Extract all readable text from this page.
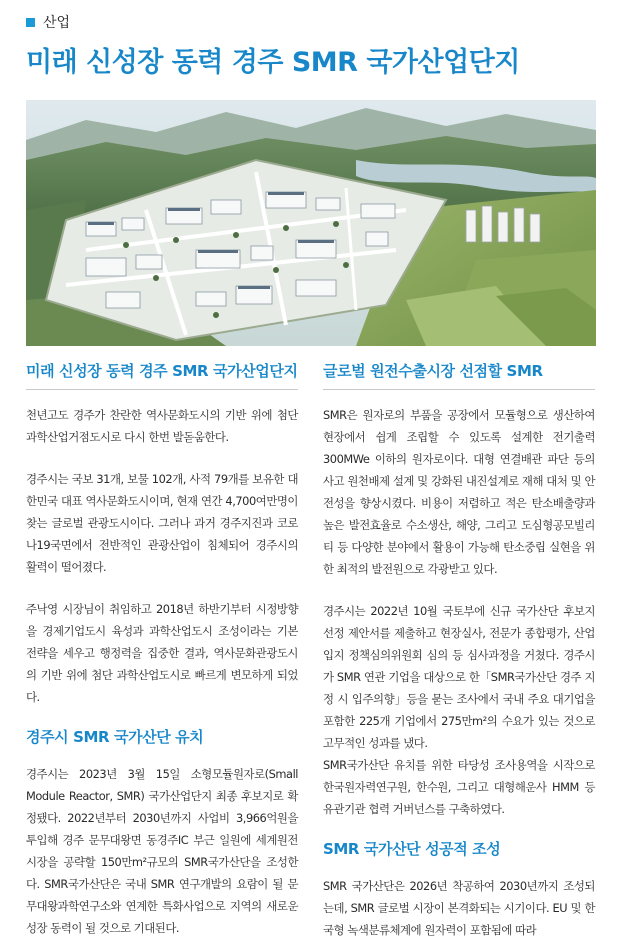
산업
미래 신성장 동력 경주 SMR 국가산업단지
미래 신성장 동력 경주 SMR 국가산업단지

천년고도 경주가 찬란한 역사문화도시의 기반 위에 첨단 과학산업거점도시로 다시 한번 발돋움한다.

경주시는 국보 31개, 보물 102개, 사적 79개를 보유한 대한민국 대표 역사문화도시이며, 현재 연간 4,700여만명이 찾는 글로벌 관광도시이다. 그러나 과거 경주지진과 코로나19국면에서 전반적인 관광산업이 침체되어 경주시의 활력이 떨어졌다.

주낙영 시장님이 취임하고 2018년 하반기부터 시정방향을 경제기업도시 육성과 과학산업도시 조성이라는 기본 전략을 세우고 행정력을 집중한 결과, 역사문화관광도시의 기반 위에 첨단 과학산업도시로 빠르게 변모하게 되었다.

경주시 SMR 국가산단 유치

경주시는 2023년 3월 15일 소형모듈원자로(Small Module Reactor, SMR) 국가산업단지 최종 후보지로 확정됐다. 2022년부터 2030년까지 사업비 3,966억원을 투입해 경주 문무대왕면 동경주IC 부근 일원에 세계원전시장을 공략할 150만m²규모의 SMR국가산단을 조성한다. SMR국가산단은 국내 SMR 연구개발의 요람이 될 문무대왕과학연구소와 연계한 특화사업으로 지역의 새로운 성장 동력이 될 것으로 기대된다.

글로벌 원전수출시장 선점할 SMR

SMR은 원자로의 부품을 공장에서 모듈형으로 생산하여 현장에서 쉽게 조립할 수 있도록 설계한 전기출력 300MWe 이하의 원자로이다. 대형 연결배관 파단 등의 사고 원천배제 설계 및 강화된 내진설계로 재해 대처 및 안전성을 향상시켰다. 비용이 저렴하고 적은 탄소배출량과 높은 발전효율로 수소생산, 해양, 그리고 도심형공모빌리티 등 다양한 분야에서 활용이 가능해 탄소중립 실현을 위한 최적의 발전원으로 각광받고 있다.

경주시는 2022년 10월 국토부에 신규 국가산단 후보지 선정 제안서를 제출하고 현장실사, 전문가 종합평가, 산업입지 정책심의위원회 심의 등 심사과정을 거쳤다. 경주시가 SMR 연관 기업을 대상으로 한「SMR국가산단 경주 지정 시 입주의향」등을 묻는 조사에서 국내 주요 대기업을 포함한 225개 기업에서 275만m²의 수요가 있는 것으로 고무적인 성과를 냈다.

SMR국가산단 유치를 위한 타당성 조사용역을 시작으로 한국원자력연구원, 한수원, 그리고 대형해운사 HMM 등 유관기관 협력 거버넌스를 구축하였다.

SMR 국가산단 성공적 조성

SMR 국가산단은 2026년 착공하여 2030년까지 조성되는데, SMR 글로벌 시장이 본격화되는 시기이다. EU 및 한국형 녹색분류체계에 원자력이 포함됨에 따라
